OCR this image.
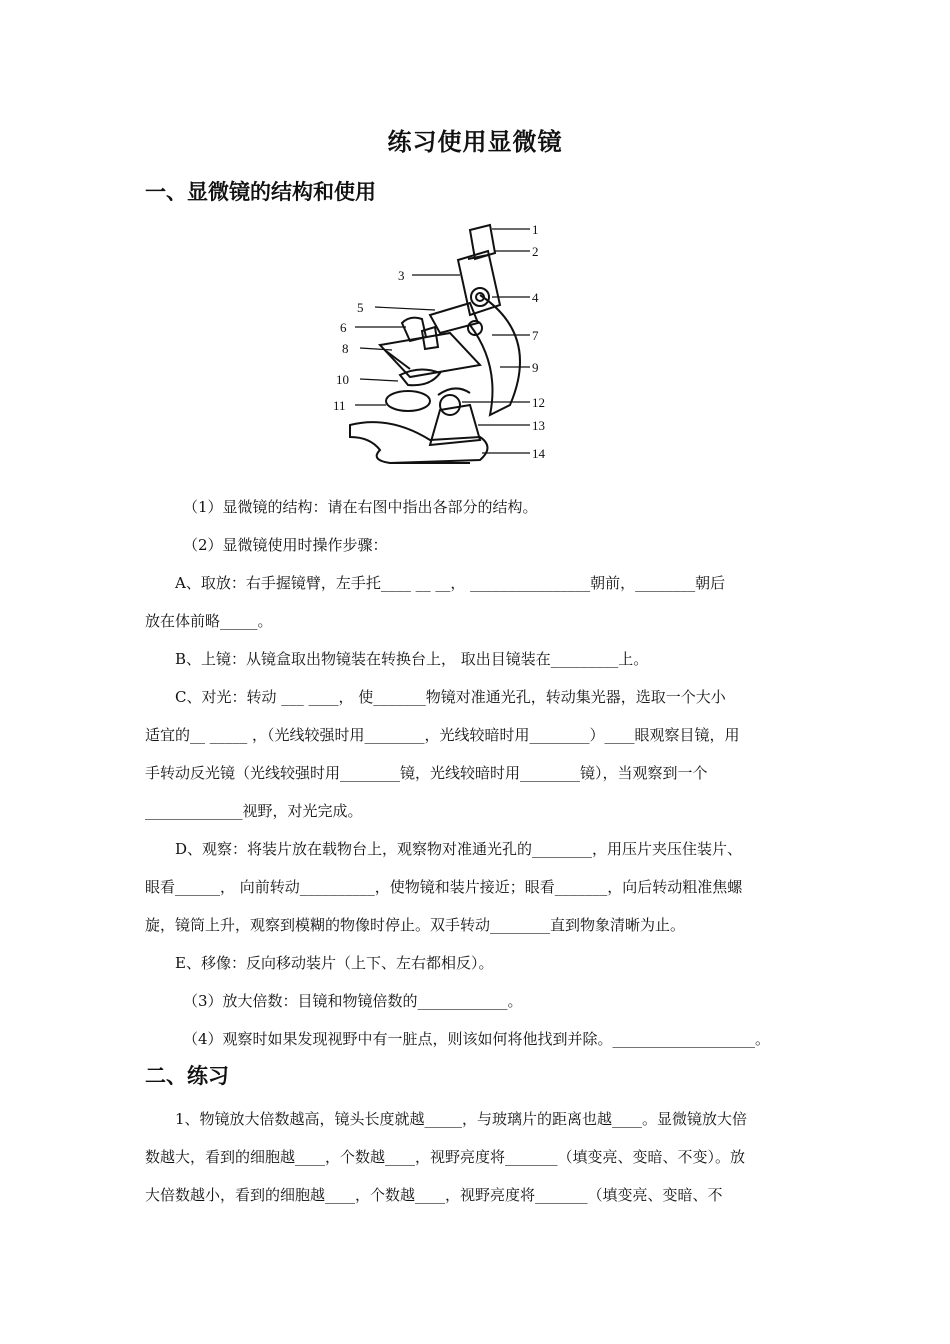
练习使用显微镜
一、显微镜的结构和使用
1
2
3
4
5
6
7
8
9
10
11	12
13
14
（1）显微镜的结构：请在右图中指出各部分的结构。
（2）显微镜使用时操作步骤：
A、取放：右手握镜臂，左手托____ __ __， ________________朝前，________朝后
放在体前略_____。
B、上镜：从镜盒取出物镜装在转换台上， 取出目镜装在_________上。
C、对光：转动 ___ ____， 使_______物镜对准通光孔，转动集光器，选取一个大小
适宜的__ _____ ，（光线较强时用________，光线较暗时用________）____眼观察目镜，用
手转动反光镜（光线较强时用________镜，光线较暗时用________镜），当观察到一个
_____________视野，对光完成。
D、观察：将装片放在载物台上，观察物对准通光孔的________，用压片夹压住装片、
眼看______， 向前转动__________，使物镜和装片接近；眼看_______，向后转动粗准焦螺
旋，镜筒上升，观察到模糊的物像时停止。双手转动________直到物象清晰为止。
E、移像：反向移动装片（上下、左右都相反）。
（3）放大倍数：目镜和物镜倍数的____________。
（4）观察时如果发现视野中有一脏点，则该如何将他找到并除。___________________。
二、练习
1、物镜放大倍数越高，镜头长度就越_____，与玻璃片的距离也越____。显微镜放大倍
数越大，看到的细胞越____，个数越____，视野亮度将_______（填变亮、变暗、不变）。放
大倍数越小，看到的细胞越____，个数越____，视野亮度将_______（填变亮、变暗、不
